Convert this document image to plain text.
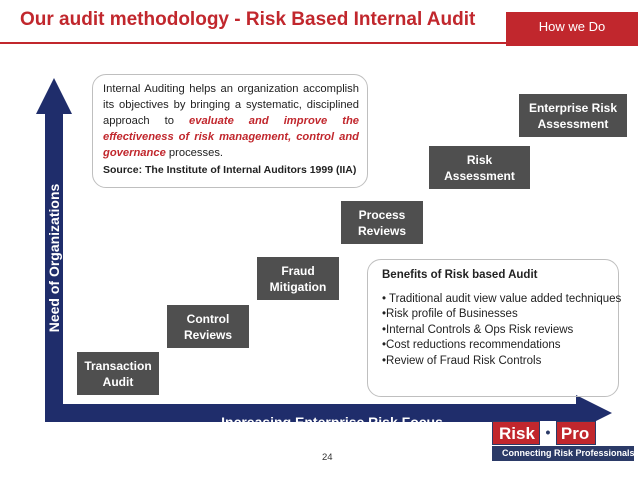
Our audit methodology - Risk Based Internal Audit	How we Do
Need of Organizations
Increasing Enterprise Risk Focus
Transaction
Audit
Control
Reviews
Fraud
Mitigation
Process
Reviews
Risk
Assessment
Enterprise Risk
Assessment
Internal Auditing helps an organization accomplish its objectives by bringing a systematic, disciplined approach to evaluate and improve the effectiveness of risk management, control and governance processes.
Source: The Institute of Internal Auditors 1999 (IIA)
Benefits of Risk based Audit
• Traditional audit view value added techniques
•Risk profile of Businesses
•Internal Controls & Ops Risk reviews
•Cost reductions recommendations
•Review of Fraud Risk Controls
24
Risk • Pro
Connecting Risk Professionals
